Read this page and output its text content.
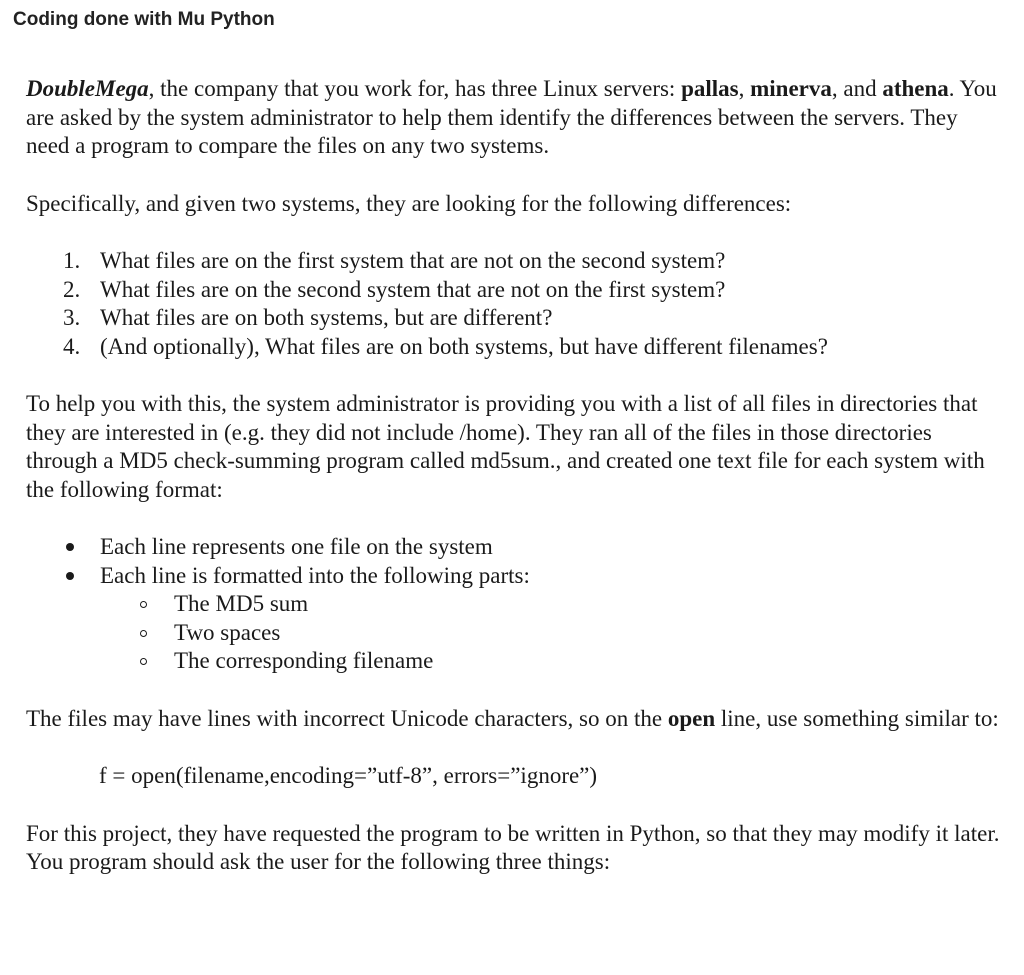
Coding done with Mu Python

DoubleMega, the company that you work for, has three Linux servers: pallas, minerva, and athena. You are asked by the system administrator to help them identify the differences between the servers. They need a program to compare the files on any two systems.

Specifically, and given two systems, they are looking for the following differences:

1. What files are on the first system that are not on the second system?
2. What files are on the second system that are not on the first system?
3. What files are on both systems, but are different?
4. (And optionally), What files are on both systems, but have different filenames?

To help you with this, the system administrator is providing you with a list of all files in directories that they are interested in (e.g. they did not include /home). They ran all of the files in those directories through a MD5 check-summing program called md5sum., and created one text file for each system with the following format:

Each line represents one file on the system
Each line is formatted into the following parts:
The MD5 sum
Two spaces
The corresponding filename

The files may have lines with incorrect Unicode characters, so on the open line, use something similar to:

f = open(filename,encoding=”utf-8”, errors=”ignore”)

For this project, they have requested the program to be written in Python, so that they may modify it later. You program should ask the user for the following three things:
